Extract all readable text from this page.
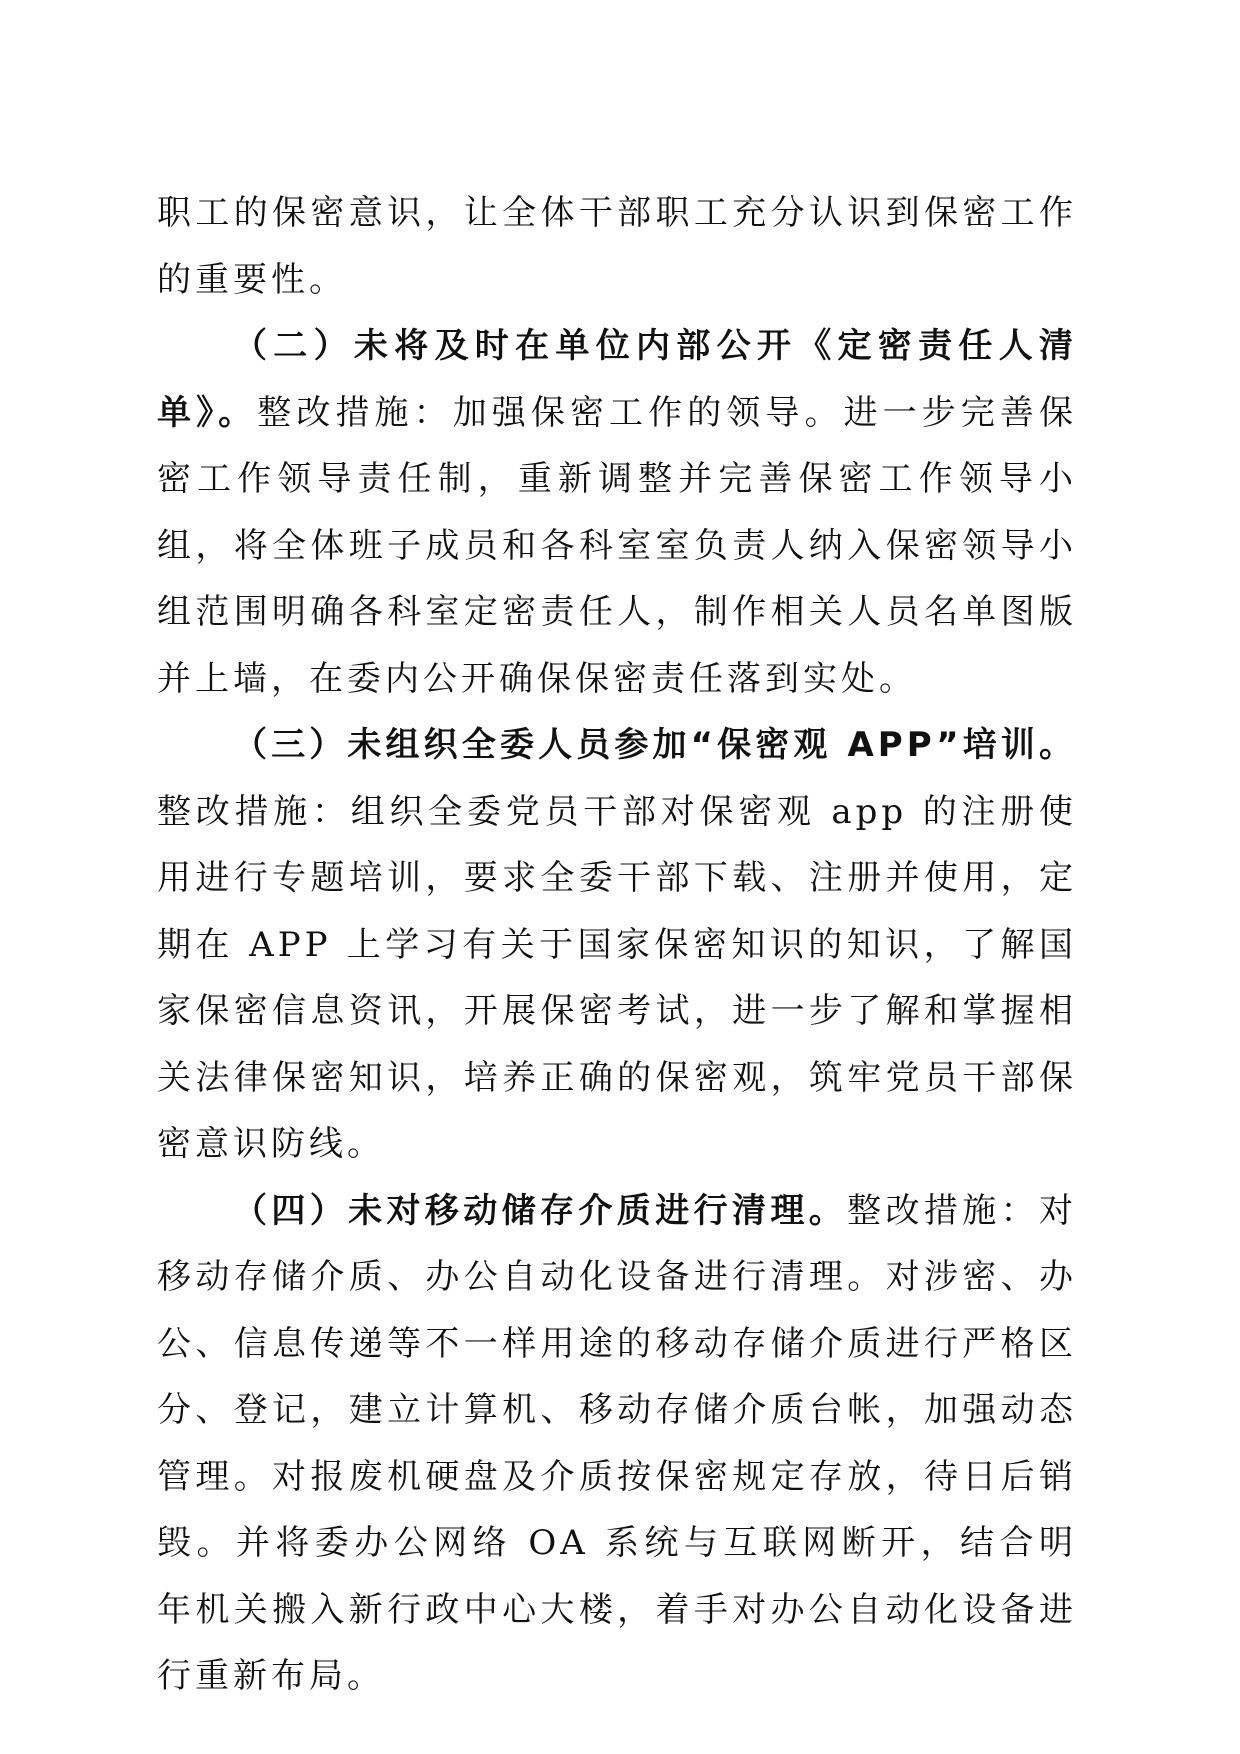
职工的保密意识，让全体干部职工充分认识到保密工作的重要性。

（二）未将及时在单位内部公开《定密责任人清单》。整改措施：加强保密工作的领导。进一步完善保密工作领导责任制，重新调整并完善保密工作领导小组，将全体班子成员和各科室室负责人纳入保密领导小组范围明确各科室定密责任人，制作相关人员名单图版并上墙，在委内公开确保保密责任落到实处。

（三）未组织全委人员参加“保密观 APP”培训。整改措施：组织全委党员干部对保密观 app 的注册使用进行专题培训，要求全委干部下载、注册并使用，定期在 APP 上学习有关于国家保密知识的知识，了解国家保密信息资讯，开展保密考试，进一步了解和掌握相关法律保密知识，培养正确的保密观，筑牢党员干部保密意识防线。

（四）未对移动储存介质进行清理。整改措施：对移动存储介质、办公自动化设备进行清理。对涉密、办公、信息传递等不一样用途的移动存储介质进行严格区分、登记，建立计算机、移动存储介质台帐，加强动态管理。对报废机硬盘及介质按保密规定存放，待日后销毁。并将委办公网络 OA 系统与互联网断开，结合明年机关搬入新行政中心大楼，着手对办公自动化设备进行重新布局。
